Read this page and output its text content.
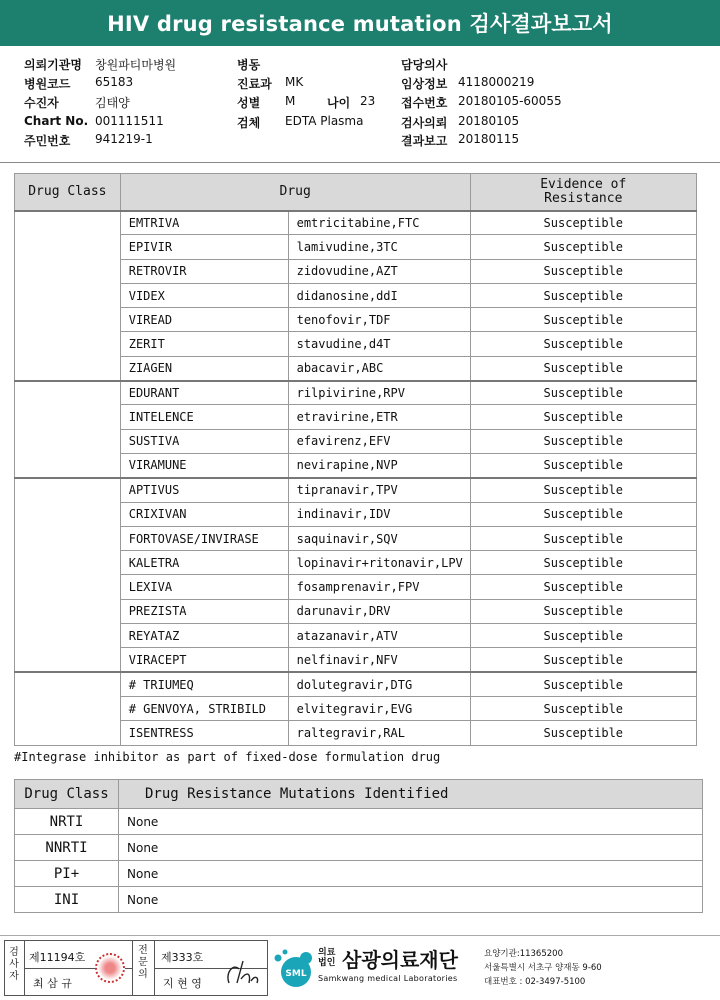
HIV drug resistance mutation 검사결과보고서
의뢰기관명 창원파티마병원
병원코드 65183
수진자	김태양
Chart No. 001111511
주민번호 941219-1
병동
진료과 MK
성별 M	나이 23
검체 EDTA Plasma
담당의사
임상정보 4118000219
접수번호 20180105-60055
검사의뢰 20180105
결과보고 20180115
Drug Class	Drug		Evidence of
Resistance

	EMTRIVA	emtricitabine,FTC	Susceptible
	EPIVIR	lamivudine,3TC	Susceptible
	RETROVIR	zidovudine,AZT	Susceptible
	VIDEX	didanosine,ddI	Susceptible
	VIREAD	tenofovir,TDF	Susceptible
	ZERIT	stavudine,d4T	Susceptible
	ZIAGEN	abacavir,ABC	Susceptible
	EDURANT	rilpivirine,RPV	Susceptible
	INTELENCE	etravirine,ETR	Susceptible
	SUSTIVA	efavirenz,EFV	Susceptible
	VIRAMUNE	nevirapine,NVP	Susceptible
	APTIVUS	tipranavir,TPV	Susceptible
	CRIXIVAN	indinavir,IDV	Susceptible
	FORTOVASE/INVIRASE	saquinavir,SQV	Susceptible
	KALETRA	lopinavir+ritonavir,LPV	Susceptible
	LEXIVA	fosamprenavir,FPV	Susceptible
	PREZISTA	darunavir,DRV	Susceptible
	REYATAZ	atazanavir,ATV	Susceptible
	VIRACEPT	nelfinavir,NFV	Susceptible
	# TRIUMEQ	dolutegravir,DTG	Susceptible
	# GENVOYA, STRIBILD	elvitegravir,EVG	Susceptible
	ISENTRESS	raltegravir,RAL	Susceptible
#Integrase inhibitor as part of fixed-dose formulation drug
Drug Class	Drug Resistance Mutations Identified
NRTI	None
NNRTI	None
PI+	None
INI	None
검사자
제11194호
최 삼 규
전문의
제333호
지 현 영
SML
의료
법인 삼광의료재단
Samkwang medical Laboratories
요양기관:11365200
서울특별시 서초구 양재동 9-60
대표번호 : 02-3497-5100
